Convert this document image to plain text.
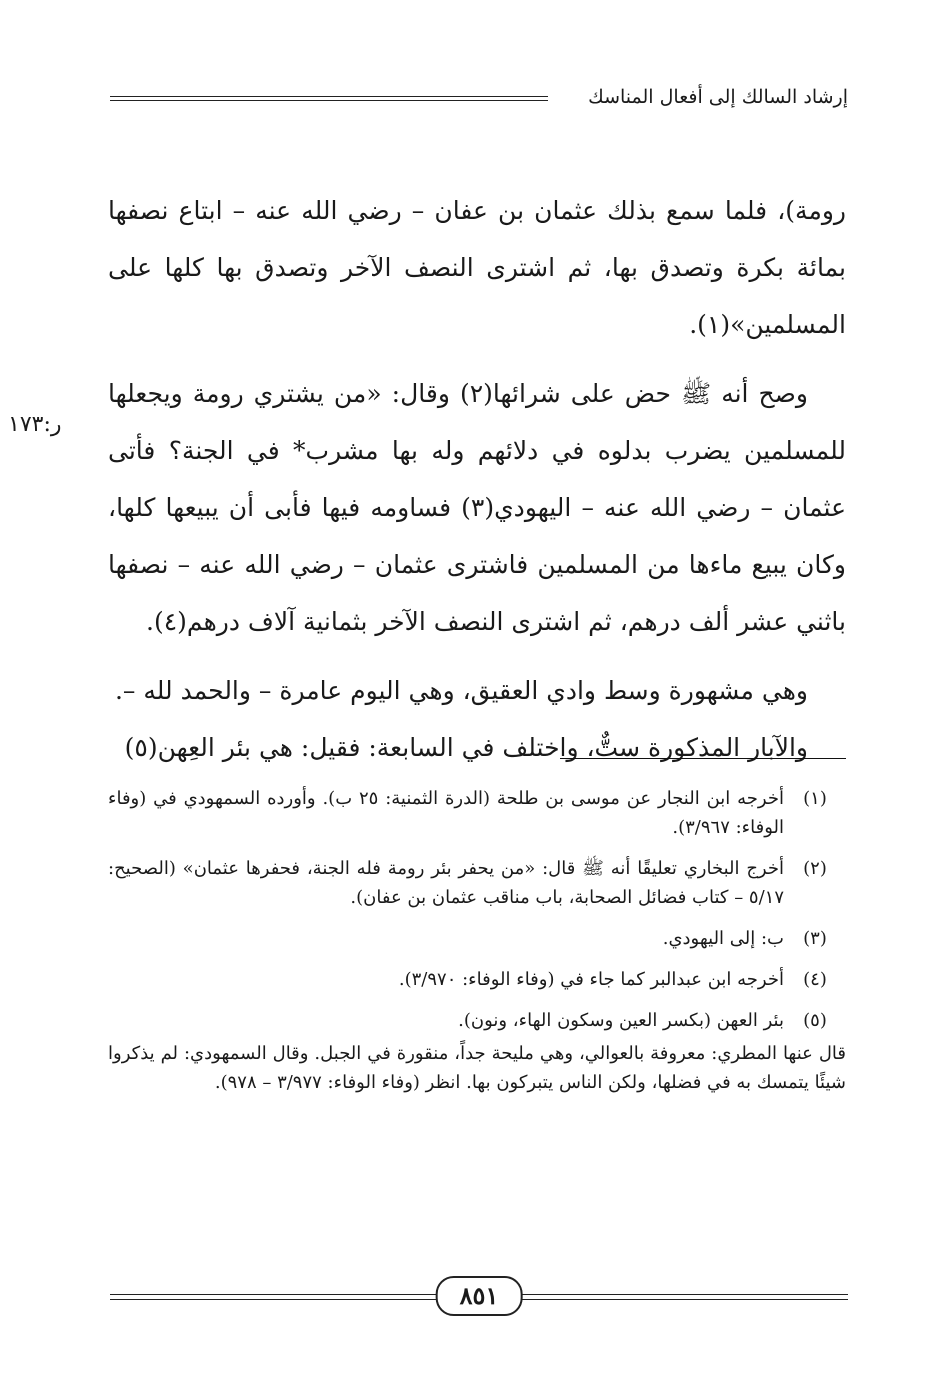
إرشاد السالك إلى أفعال المناسك

رومة)، فلما سمع بذلك عثمان بن عفان – رضي الله عنه – ابتاع نصفها بمائة بكرة وتصدق بها، ثم اشترى النصف الآخر وتصدق بها كلها على المسلمين»(١).

وصح أنه ﷺ حض على شرائها(٢) وقال: «من يشتري رومة ويجعلها للمسلمين يضرب بدلوه في دلائهم وله بها مشرب* في الجنة؟ فأتى عثمان – رضي الله عنه – اليهودي(٣) فساومه فيها فأبى أن يبيعها كلها، وكان يبيع ماءها من المسلمين فاشترى عثمان – رضي الله عنه – نصفها باثني عشر ألف درهم، ثم اشترى النصف الآخر بثمانية آلاف درهم(٤).

وهي مشهورة وسط وادي العقيق، وهي اليوم عامرة – والحمد لله –.

والآبار المذكورة ستٌّ، واختلف في السابعة: فقيل: هي بئر العِهن(٥)

ر:١٧٣
(١)
أخرجه ابن النجار عن موسى بن طلحة (الدرة الثمنية: ٢٥ ب). وأورده السمهودي في (وفاء الوفاء: ٣/٩٦٧).
(٢)
أخرج البخاري تعليقًا أنه ﷺ قال: «من يحفر بئر رومة فله الجنة، فحفرها عثمان» (الصحيح: ٥/١٧ – كتاب فضائل الصحابة، باب مناقب عثمان بن عفان).
(٣)
ب: إلى اليهودي.
(٤)
أخرجه ابن عبدالبر كما جاء في (وفاء الوفاء: ٣/٩٧٠).
(٥)
بئر العهن (بكسر العين وسكون الهاء، ونون).
قال عنها المطري: معروفة بالعوالي، وهي مليحة جداً، منقورة في الجبل. وقال السمهودي: لم يذكروا شيئًا يتمسك به في فضلها، ولكن الناس يتبركون بها. انظر (وفاء الوفاء: ٣/٩٧٧ – ٩٧٨).
٨٥١
